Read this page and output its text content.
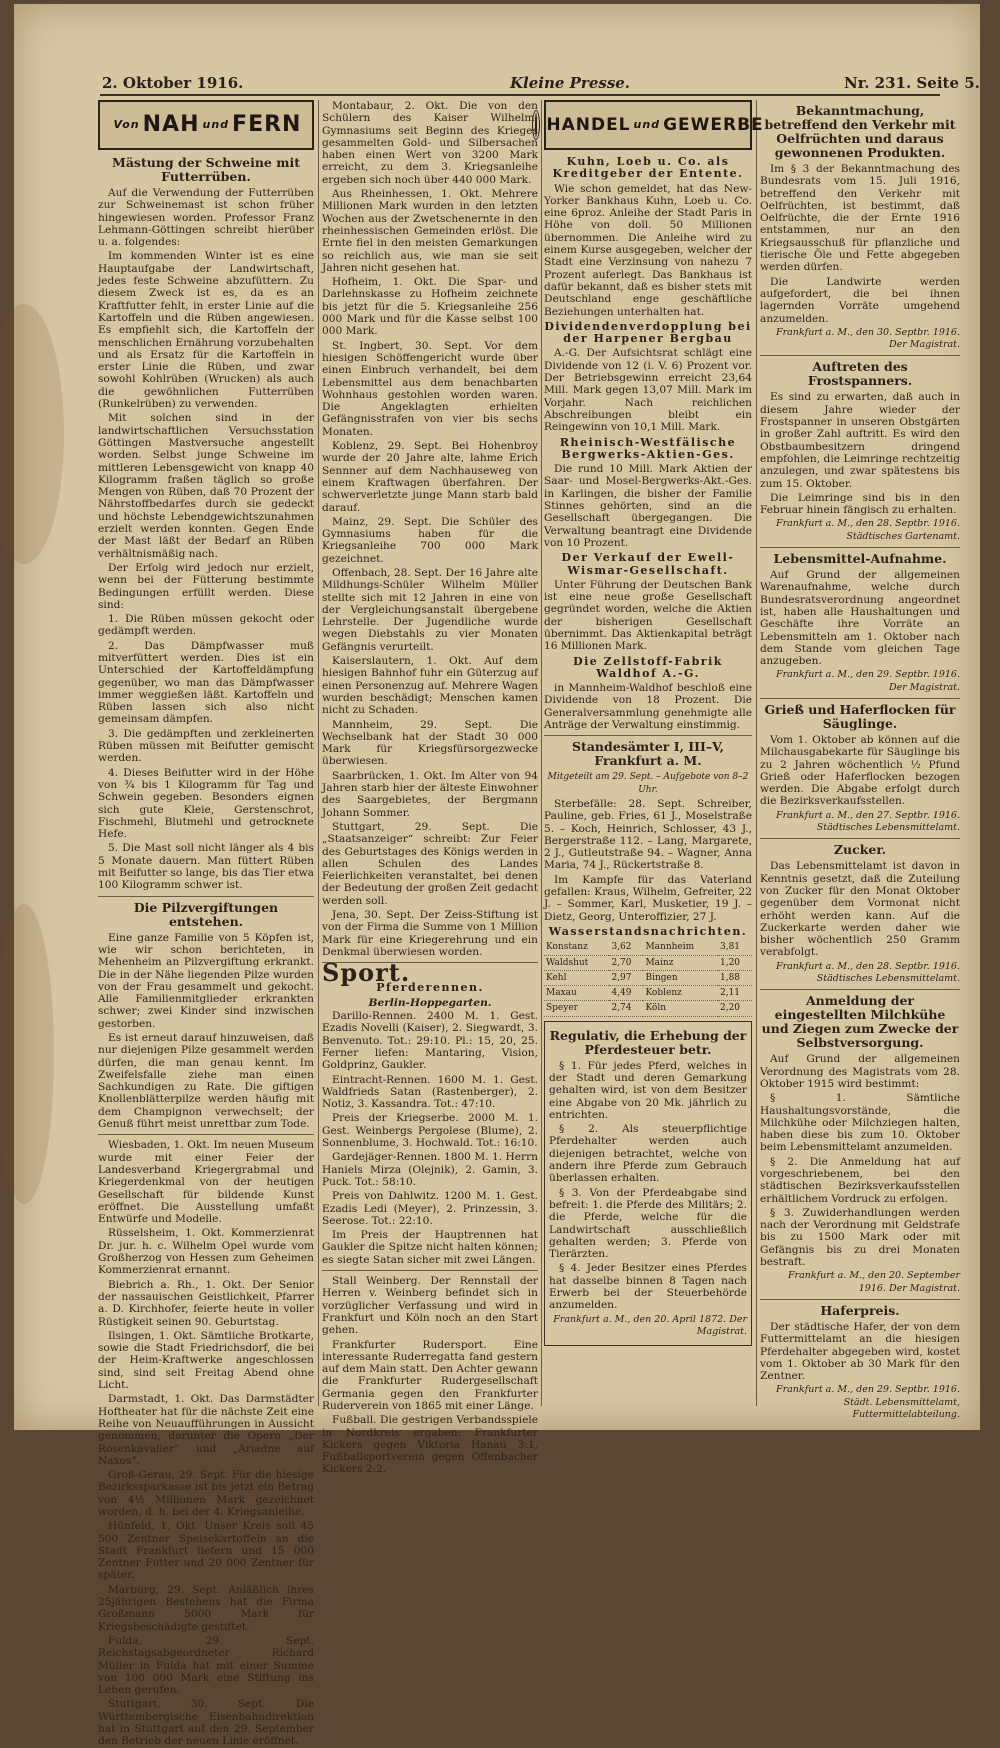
2. Oktober 1916.	Kleine Presse.	Nr. 231. Seite 5.
Von NAH und FERN
Mästung der Schweine mit Futterrüben.

Auf die Verwendung der Futterrüben zur Schweinemast ist schon früher hingewiesen worden. Professor Franz Lehmann-Göttingen schreibt hierüber u. a. folgendes:

Im kommenden Winter ist es eine Hauptaufgabe der Landwirtschaft, jedes feste Schweine abzufüttern. Zu diesem Zweck ist es, da es an Kraftfutter fehlt, in erster Linie auf die Kartoffeln und die Rüben angewiesen. Es empfiehlt sich, die Kartoffeln der menschlichen Ernährung vorzubehalten und als Ersatz für die Kartoffeln in erster Linie die Rüben, und zwar sowohl Kohlrüben (Wrucken) als auch die gewöhnlichen Futterrüben (Runkelrüben) zu verwenden.

Mit solchen sind in der landwirtschaftlichen Versuchsstation Göttingen Mastversuche angestellt worden. Selbst junge Schweine im mittleren Lebensgewicht von knapp 40 Kilogramm fraßen täglich so große Mengen von Rüben, daß 70 Prozent der Nährstoffbedarfes durch sie gedeckt und höchste Lebendgewichtszunahmen erzielt werden konnten. Gegen Ende der Mast läßt der Bedarf an Rüben verhältnismäßig nach.

Der Erfolg wird jedoch nur erzielt, wenn bei der Fütterung bestimmte Bedingungen erfüllt werden. Diese sind:

1. Die Rüben müssen gekocht oder gedämpft werden.

2. Das Dämpfwasser muß mitverfüttert werden. Dies ist ein Unterschied der Kartoffeldämpfung gegenüber, wo man das Dämpfwasser immer weggießen läßt. Kartoffeln und Rüben lassen sich also nicht gemeinsam dämpfen.

3. Die gedämpften und zerkleinerten Rüben müssen mit Beifutter gemischt werden.

4. Dieses Beifutter wird in der Höhe von ¾ bis 1 Kilogramm für Tag und Schwein gegeben. Besonders eignen sich gute Kleie, Gerstenschrot, Fischmehl, Blutmehl und getrocknete Hefe.

5. Die Mast soll nicht länger als 4 bis 5 Monate dauern. Man füttert Rüben mit Beifutter so lange, bis das Tier etwa 100 Kilogramm schwer ist.

Die Pilzvergiftungen entstehen.

Eine ganze Familie von 5 Köpfen ist, wie wir schon berichteten, in Mehenheim an Pilzvergiftung erkrankt. Die in der Nähe liegenden Pilze wurden von der Frau gesammelt und gekocht. Alle Familienmitglieder erkrankten schwer; zwei Kinder sind inzwischen gestorben.

Es ist erneut darauf hinzuweisen, daß nur diejenigen Pilze gesammelt werden dürfen, die man genau kennt. Im Zweifelsfalle ziehe man einen Sachkundigen zu Rate. Die giftigen Knollenblätterpilze werden häufig mit dem Champignon verwechselt; der Genuß führt meist unrettbar zum Tode.

Wiesbaden, 1. Okt. Im neuen Museum wurde mit einer Feier der Landesverband Kriegergrabmal und Kriegerdenkmal von der heutigen Gesellschaft für bildende Kunst eröffnet. Die Ausstellung umfaßt Entwürfe und Modelle.

Rüsselsheim, 1. Okt. Kommerzienrat Dr. jur. h. c. Wilhelm Opel wurde vom Großherzog von Hessen zum Geheimen Kommerzienrat ernannt.

Biebrich a. Rh., 1. Okt. Der Senior der nassauischen Geistlichkeit, Pfarrer a. D. Kirchhofer, feierte heute in voller Rüstigkeit seinen 90. Geburtstag.

Ilsingen, 1. Okt. Sämtliche Brotkarte, sowie die Stadt Friedrichsdorf, die bei der Heim-Kraftwerke angeschlossen sind, sind seit Freitag Abend ohne Licht.

Darmstadt, 1. Okt. Das Darmstädter Hoftheater hat für die nächste Zeit eine Reihe von Neuaufführungen in Aussicht genommen, darunter die Opern „Der Rosenkavalier“ und „Ariadne auf Naxos“.

Groß-Gerau, 29. Sept. Für die hiesige Bezirkssparkasse ist bis jetzt ein Betrag von 4½ Millionen Mark gezeichnet worden, d. h. bei der 4. Kriegsanleihe.

Hünfeld, 1. Okt. Unser Kreis soll 45 500 Zentner Speisekartoffeln an die Stadt Frankfurt liefern und 15 000 Zentner Futter und 20 000 Zentner für später.

Marburg, 29. Sept. Anläßlich ihres 25jährigen Bestehens hat die Firma Großmann 5000 Mark für Kriegsbeschädigte gestiftet.

Fulda, 29. Sept. Reichstagsabgeordneter Richard Müller in Fulda hat mit einer Summe von 100 000 Mark eine Stiftung ins Leben gerufen.

Stuttgart, 30. Sept. Die Württembergische Eisenbahndirektion hat in Stuttgart auf den 29. September den Betrieb der neuen Linie eröffnet.

Montabaur, 2. Okt. Die von den Schülern des Kaiser Wilhelm-Gymnasiums seit Beginn des Krieges gesammelten Gold- und Silbersachen haben einen Wert von 3200 Mark erreicht, zu dem 3. Kriegsanleihe ergeben sich noch über 440 000 Mark.

Aus Rheinhessen, 1. Okt. Mehrere Millionen Mark wurden in den letzten Wochen aus der Zwetschenernte in den rheinhessischen Gemeinden erlöst. Die Ernte fiel in den meisten Gemarkungen so reichlich aus, wie man sie seit Jahren nicht gesehen hat.

Hofheim, 1. Okt. Die Spar- und Darlehnskasse zu Hofheim zeichnete bis jetzt für die 5. Kriegsanleihe 256 000 Mark und für die Kasse selbst 100 000 Mark.

St. Ingbert, 30. Sept. Vor dem hiesigen Schöffengericht wurde über einen Einbruch verhandelt, bei dem Lebensmittel aus dem benachbarten Wohnhaus gestohlen worden waren. Die Angeklagten erhielten Gefängnisstrafen von vier bis sechs Monaten.

Koblenz, 29. Sept. Bei Hohenbroy wurde der 20 Jahre alte, lahme Erich Sennner auf dem Nachhauseweg von einem Kraftwagen überfahren. Der schwerverletzte junge Mann starb bald darauf.

Mainz, 29. Sept. Die Schüler des Gymnasiums haben für die Kriegsanleihe 700 000 Mark gezeichnet.

Offenbach, 28. Sept. Der 16 Jahre alte Mildhungs-Schüler Wilhelm Müller stellte sich mit 12 Jahren in eine von der Vergleichungsanstalt übergebene Lehrstelle. Der Jugendliche wurde wegen Diebstahls zu vier Monaten Gefängnis verurteilt.

Kaiserslautern, 1. Okt. Auf dem hiesigen Bahnhof fuhr ein Güterzug auf einen Personenzug auf. Mehrere Wagen wurden beschädigt; Menschen kamen nicht zu Schaden.

Mannheim, 29. Sept. Die Wechselbank hat der Stadt 30 000 Mark für Kriegsfürsorgezwecke überwiesen.

Saarbrücken, 1. Okt. Im Alter von 94 Jahren starb hier der älteste Einwohner des Saargebietes, der Bergmann Johann Sommer.

Stuttgart, 29. Sept. Die „Staatsanzeiger“ schreibt: Zur Feier des Geburtstages des Königs werden in allen Schulen des Landes Feierlichkeiten veranstaltet, bei denen der Bedeutung der großen Zeit gedacht werden soll.

Jena, 30. Sept. Der Zeiss-Stiftung ist von der Firma die Summe von 1 Million Mark für eine Kriegerehrung und ein Denkmal überwiesen worden.

Sport.
Pferderennen.
Berlin-Hoppegarten.

Darillo-Rennen. 2400 M. 1. Gest. Ezadis Novelli (Kaiser), 2. Siegwardt, 3. Benvenuto. Tot.: 29:10. Pl.: 15, 20, 25. Ferner liefen: Mantaring, Vision, Goldprinz, Gaukler.

Eintracht-Rennen. 1600 M. 1. Gest. Waldfrieds Satan (Rastenberger), 2. Notiz, 3. Kassandra. Tot.: 47:10.

Preis der Kriegserbe. 2000 M. 1. Gest. Weinbergs Pergolese (Blume), 2. Sonnenblume, 3. Hochwald. Tot.: 16:10.

Gardejäger-Rennen. 1800 M. 1. Herrn Haniels Mirza (Olejnik), 2. Gamin, 3. Puck. Tot.: 58:10.

Preis von Dahlwitz. 1200 M. 1. Gest. Ezadis Ledi (Meyer), 2. Prinzessin, 3. Seerose. Tot.: 22:10.

Im Preis der Hauptrennen hat Gaukler die Spitze nicht halten können; es siegte Satan sicher mit zwei Längen.

Stall Weinberg. Der Rennstall der Herren v. Weinberg befindet sich in vorzüglicher Verfassung und wird in Frankfurt und Köln noch an den Start gehen.

Frankfurter Rudersport. Eine interessante Ruderregatta fand gestern auf dem Main statt. Den Achter gewann die Frankfurter Rudergesellschaft Germania gegen den Frankfurter Ruderverein von 1865 mit einer Länge.

Fußball. Die gestrigen Verbandsspiele in Nordkreis ergaben: Frankfurter Kickers gegen Viktoria Hanau 3:1, Fußballsportverein gegen Offenbacher Kickers 2:2.

HANDEL und GEWERBE
Kuhn, Loeb u. Co. als Kreditgeber der Entente.

Wie schon gemeldet, hat das New-Yorker Bankhaus Kuhn, Loeb u. Co. eine 6proz. Anleihe der Stadt Paris in Höhe von doll. 50 Millionen übernommen. Die Anleihe wird zu einem Kurse ausgegeben, welcher der Stadt eine Verzinsung von nahezu 7 Prozent auferlegt. Das Bankhaus ist dafür bekannt, daß es bisher stets mit Deutschland enge geschäftliche Beziehungen unterhalten hat.

Dividendenverdopplung bei der Harpener Bergbau

A.-G. Der Aufsichtsrat schlägt eine Dividende von 12 (i. V. 6) Prozent vor. Der Betriebsgewinn erreicht 23,64 Mill. Mark gegen 13,07 Mill. Mark im Vorjahr. Nach reichlichen Abschreibungen bleibt ein Reingewinn von 10,1 Mill. Mark.

Rheinisch-Westfälische Bergwerks-Aktien-Ges.

Die rund 10 Mill. Mark Aktien der Saar- und Mosel-Bergwerks-Akt.-Ges. in Karlingen, die bisher der Familie Stinnes gehörten, sind an die Gesellschaft übergegangen. Die Verwaltung beantragt eine Dividende von 10 Prozent.

Der Verkauf der Ewell-Wismar-Gesellschaft.

Unter Führung der Deutschen Bank ist eine neue große Gesellschaft gegründet worden, welche die Aktien der bisherigen Gesellschaft übernimmt. Das Aktienkapital beträgt 16 Millionen Mark.

Die Zellstoff-Fabrik Waldhof A.-G.

in Mannheim-Waldhof beschloß eine Dividende von 18 Prozent. Die Generalversammlung genehmigte alle Anträge der Verwaltung einstimmig.

Standesämter I, III–V, Frankfurt a. M.
Mitgeteilt am 29. Sept. – Aufgebote von 8–2 Uhr.

Sterbefälle: 28. Sept. Schreiber, Pauline, geb. Fries, 61 J., Moselstraße 5. – Koch, Heinrich, Schlosser, 43 J., Bergerstraße 112. – Lang, Margarete, 2 J., Gutleutstraße 94. – Wagner, Anna Maria, 74 J., Rückertstraße 8.

Im Kampfe für das Vaterland gefallen: Kraus, Wilhelm, Gefreiter, 22 J. – Sommer, Karl, Musketier, 19 J. – Dietz, Georg, Unteroffizier, 27 J.

Wasserstandsnachrichten.
Konstanz	3,62	Mannheim	3,81
Waldshut	2,70	Mainz	1,20
Kehl	2,97	Bingen	1,88
Maxau	4,49	Koblenz	2,11
Speyer	2,74	Köln	2,20
Regulativ, die Erhebung der Pferdesteuer betr.

§ 1. Für jedes Pferd, welches in der Stadt und deren Gemarkung gehalten wird, ist von dem Besitzer eine Abgabe von 20 Mk. jährlich zu entrichten.

§ 2. Als steuerpflichtige Pferdehalter werden auch diejenigen betrachtet, welche von andern ihre Pferde zum Gebrauch überlassen erhalten.

§ 3. Von der Pferdeabgabe sind befreit: 1. die Pferde des Militärs; 2. die Pferde, welche für die Landwirtschaft ausschließlich gehalten werden; 3. Pferde von Tierärzten.

§ 4. Jeder Besitzer eines Pferdes hat dasselbe binnen 8 Tagen nach Erwerb bei der Steuerbehörde anzumelden.

Frankfurt a. M., den 20. April 1872. Der Magistrat.
Bekanntmachung, betreffend den Verkehr mit Oelfrüchten und daraus gewonnenen Produkten.

Im § 3 der Bekanntmachung des Bundesrats vom 15. Juli 1916, betreffend den Verkehr mit Oelfrüchten, ist bestimmt, daß Oelfrüchte, die der Ernte 1916 entstammen, nur an den Kriegsausschuß für pflanzliche und tierische Öle und Fette abgegeben werden dürfen.

Die Landwirte werden aufgefordert, die bei ihnen lagernden Vorräte umgehend anzumelden.

Frankfurt a. M., den 30. Septbr. 1916. Der Magistrat.
Auftreten des Frostspanners.

Es sind zu erwarten, daß auch in diesem Jahre wieder der Frostspanner in unseren Obstgärten in großer Zahl auftritt. Es wird den Obstbaumbesitzern dringend empfohlen, die Leimringe rechtzeitig anzulegen, und zwar spätestens bis zum 15. Oktober.

Die Leimringe sind bis in den Februar hinein fängisch zu erhalten.

Frankfurt a. M., den 28. Septbr. 1916. Städtisches Gartenamt.
Lebensmittel-Aufnahme.

Auf Grund der allgemeinen Warenaufnahme, welche durch Bundesratsverordnung angeordnet ist, haben alle Haushaltungen und Geschäfte ihre Vorräte an Lebensmitteln am 1. Oktober nach dem Stande vom gleichen Tage anzugeben.

Frankfurt a. M., den 29. Septbr. 1916. Der Magistrat.
Grieß und Haferflocken für Säuglinge.

Vom 1. Oktober ab können auf die Milchausgabekarte für Säuglinge bis zu 2 Jahren wöchentlich ½ Pfund Grieß oder Haferflocken bezogen werden. Die Abgabe erfolgt durch die Bezirksverkaufsstellen.

Frankfurt a. M., den 27. Septbr. 1916. Städtisches Lebensmittelamt.
Zucker.

Das Lebensmittelamt ist davon in Kenntnis gesetzt, daß die Zuteilung von Zucker für den Monat Oktober gegenüber dem Vormonat nicht erhöht werden kann. Auf die Zuckerkarte werden daher wie bisher wöchentlich 250 Gramm verabfolgt.

Frankfurt a. M., den 28. Septbr. 1916. Städtisches Lebensmittelamt.
Anmeldung der eingestellten Milchkühe und Ziegen zum Zwecke der Selbstversorgung.

Auf Grund der allgemeinen Verordnung des Magistrats vom 28. Oktober 1915 wird bestimmt:

§ 1. Sämtliche Haushaltungsvorstände, die Milchkühe oder Milchziegen halten, haben diese bis zum 10. Oktober beim Lebensmittelamt anzumelden.

§ 2. Die Anmeldung hat auf vorgeschriebenem, bei den städtischen Bezirksverkaufsstellen erhältlichem Vordruck zu erfolgen.

§ 3. Zuwiderhandlungen werden nach der Verordnung mit Geldstrafe bis zu 1500 Mark oder mit Gefängnis bis zu drei Monaten bestraft.

Frankfurt a. M., den 20. September 1916. Der Magistrat.
Haferpreis.

Der städtische Hafer, der von dem Futtermittelamt an die hiesigen Pferdehalter abgegeben wird, kostet vom 1. Oktober ab 30 Mark für den Zentner.

Frankfurt a. M., den 29. Septbr. 1916. Städt. Lebensmittelamt, Futtermittelabteilung.
